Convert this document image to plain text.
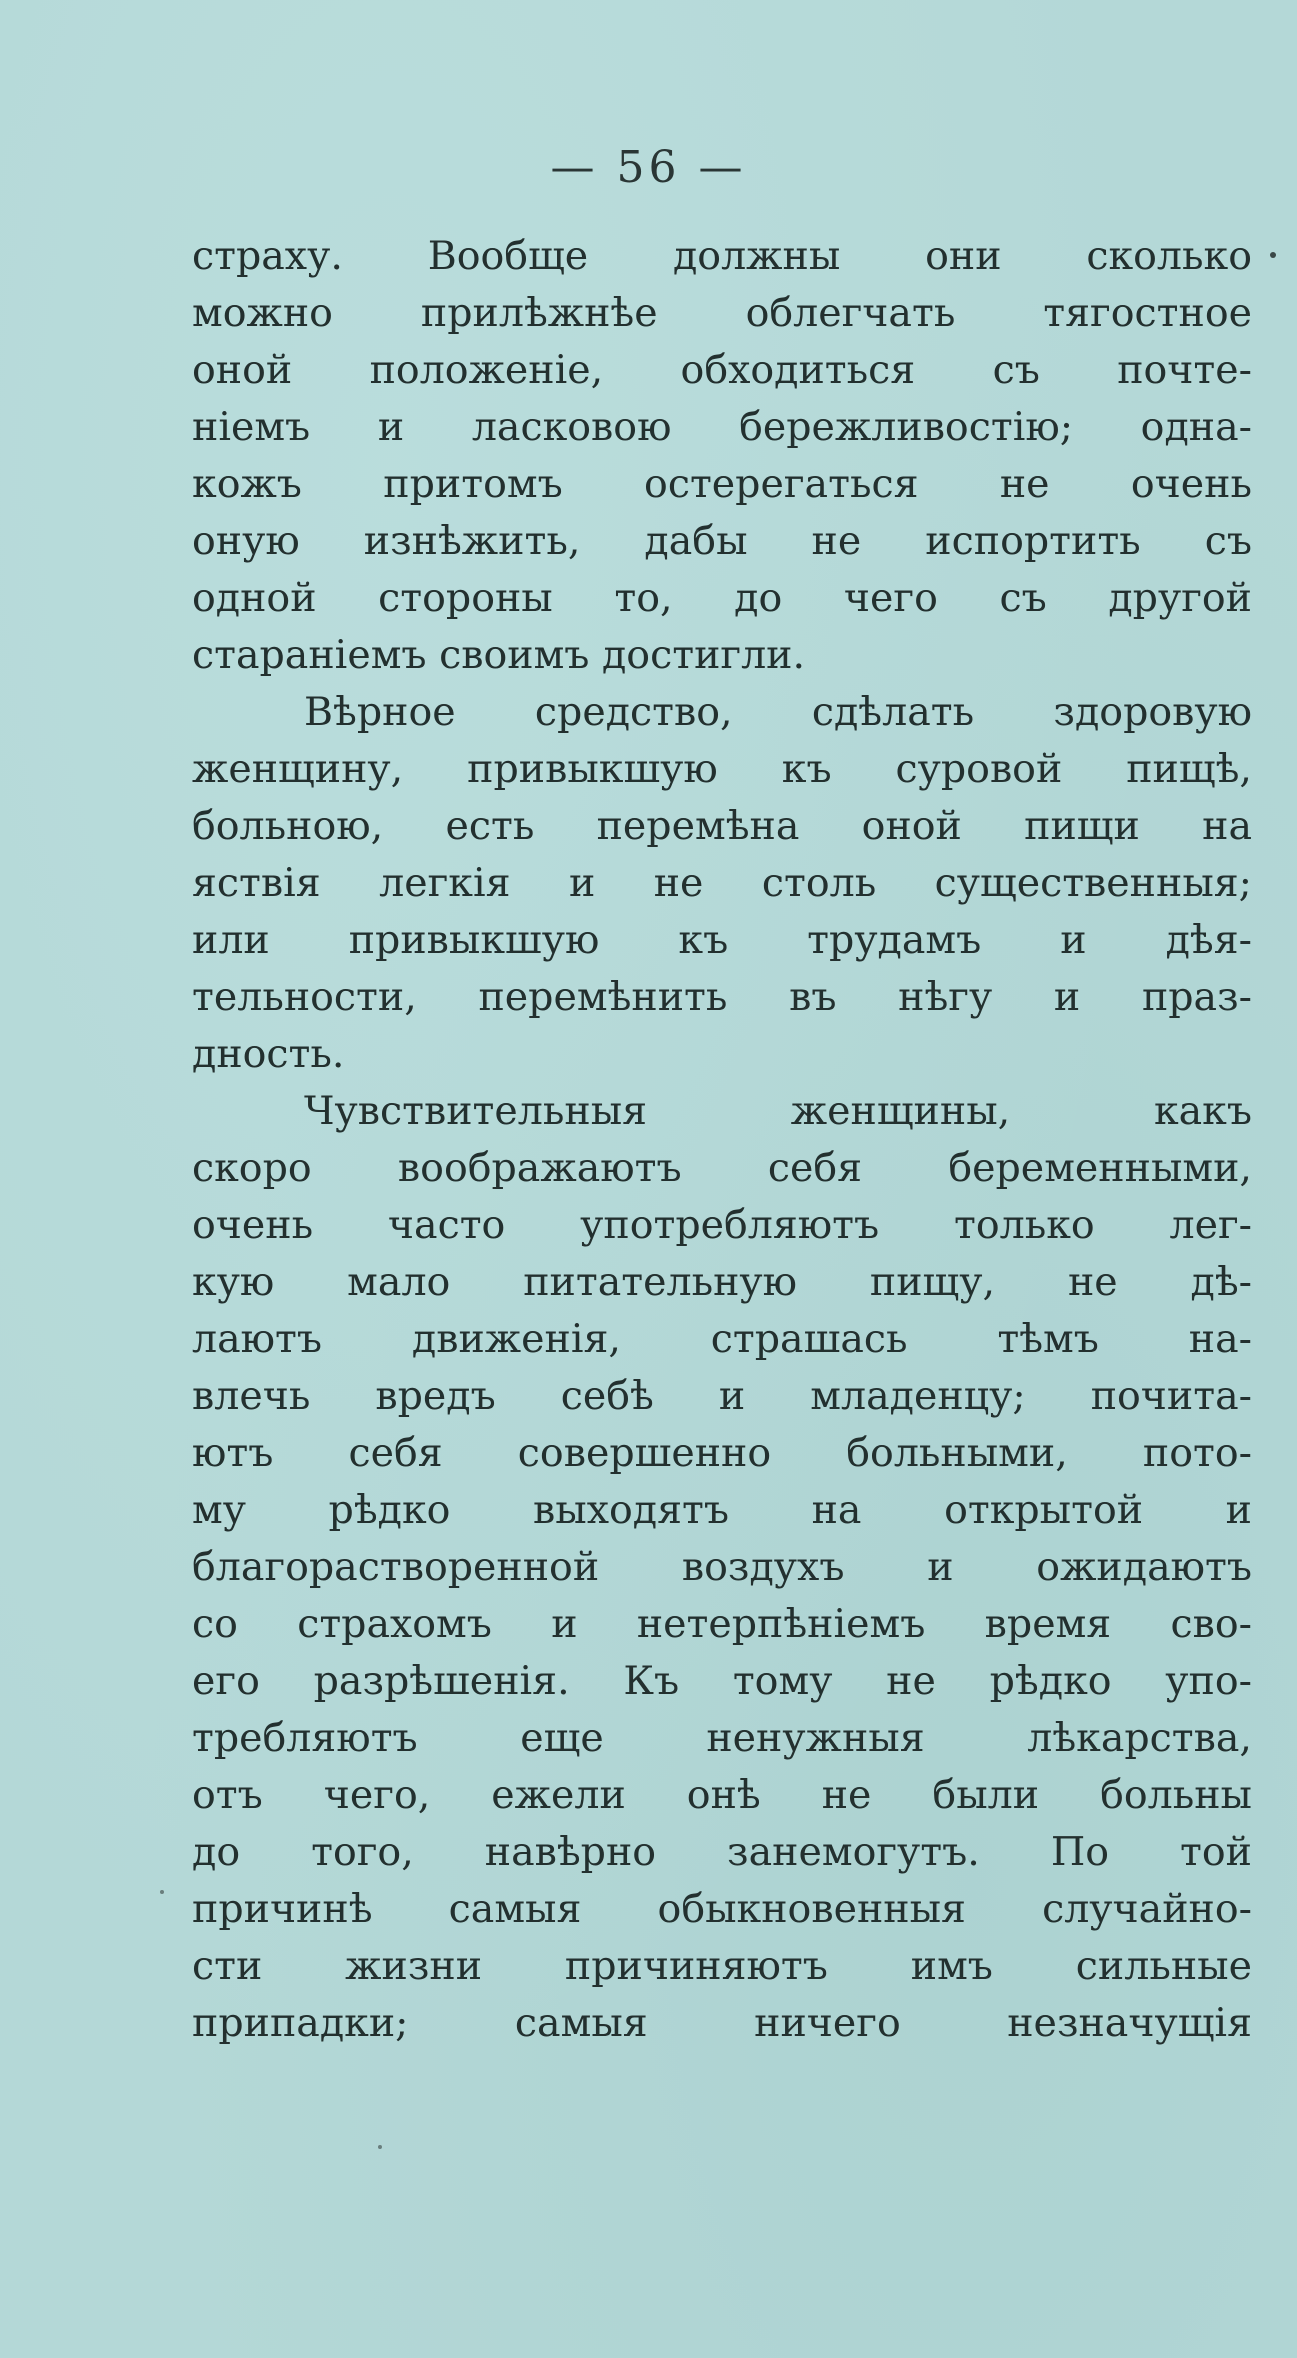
— 56 —
страху. Вообще должны они сколько
можно прилѣжнѣе облегчать тягостное
оной положеніе, обходиться съ почте-
ніемъ и ласковою бережливостію; одна-
кожъ притомъ остерегаться не очень
оную изнѣжить, дабы не испортить съ
одной стороны то, до чего съ другой
стараніемъ своимъ достигли.
Вѣрное средство, сдѣлать здоровую
женщину, привыкшую къ суровой пищѣ,
больною, есть перемѣна оной пищи на
яствія легкія и не столь существенныя;
или привыкшую къ трудамъ и дѣя-
тельности, перемѣнить въ нѣгу и праз-
дность.
Чувствительныя женщины, какъ
скоро воображаютъ себя беременными,
очень часто употребляютъ только лег-
кую мало питательную пищу, не дѣ-
лаютъ движенія, страшась тѣмъ на-
влечь вредъ себѣ и младенцу; почита-
ютъ себя совершенно больными, пото-
му рѣдко выходятъ на открытой и
благорастворенной воздухъ и ожидаютъ
со страхомъ и нетерпѣніемъ время сво-
его разрѣшенія. Къ тому не рѣдко упо-
требляютъ еще ненужныя лѣкарства,
отъ чего, ежели онѣ не были больны
до того, навѣрно занемогутъ. По той
причинѣ самыя обыкновенныя случайно-
сти жизни причиняютъ имъ сильные
припадки; самыя ничего незначущія
